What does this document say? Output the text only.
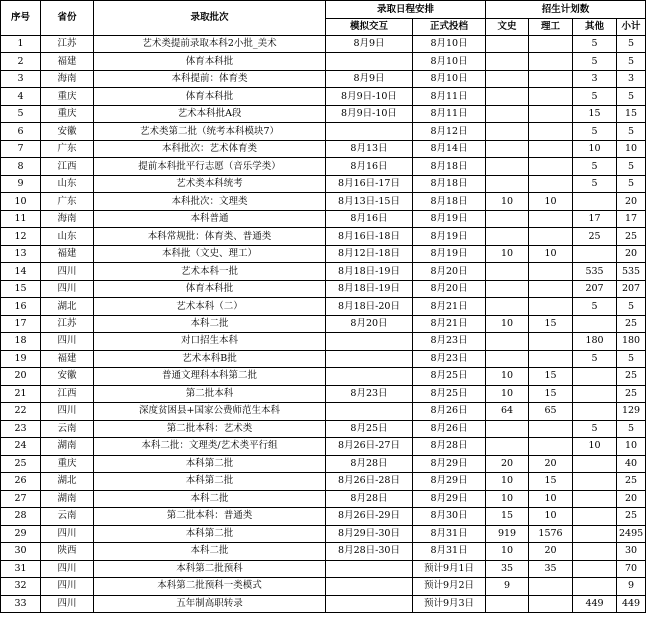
序号	省份	录取批次	录取日程安排		招生计划数			
			模拟交互	正式投档	文史	理工	其他	小计
1	江苏	艺术类提前录取本科2小批_美术	8月9日	8月10日			5	5
2	福建	体育本科批		8月10日			5	5
3	海南	本科提前：体育类	8月9日	8月10日			3	3
4	重庆	体育本科批	8月9日-10日	8月11日			5	5
5	重庆	艺术本科批A段	8月9日-10日	8月11日			15	15
6	安徽	艺术类第二批（统考本科模块7）		8月12日			5	5
7	广东	本科批次：艺术体育类	8月13日	8月14日			10	10
8	江西	提前本科批平行志愿（音乐学类）	8月16日	8月18日			5	5
9	山东	艺术类本科统考	8月16日-17日	8月18日			5	5
10	广东	本科批次：文理类	8月13日-15日	8月18日	10	10		20
11	海南	本科普通	8月16日	8月19日			17	17
12	山东	本科常规批：体育类、普通类	8月16日-18日	8月19日			25	25
13	福建	本科批（文史、理工）	8月12日-18日	8月19日	10	10		20
14	四川	艺术本科一批	8月18日-19日	8月20日			535	535
15	四川	体育本科批	8月18日-19日	8月20日			207	207
16	湖北	艺术本科（二）	8月18日-20日	8月21日			5	5
17	江苏	本科二批	8月20日	8月21日	10	15		25
18	四川	对口招生本科		8月23日			180	180
19	福建	艺术本科B批		8月23日			5	5
20	安徽	普通文理科本科第二批		8月25日	10	15		25
21	江西	第二批本科	8月23日	8月25日	10	15		25
22	四川	深度贫困县+国家公费师范生本科		8月26日	64	65		129
23	云南	第二批本科：艺术类	8月25日	8月26日			5	5
24	湖南	本科二批：文理类/艺术类平行组	8月26日-27日	8月28日			10	10
25	重庆	本科第二批	8月28日	8月29日	20	20		40
26	湖北	本科第二批	8月26日-28日	8月29日	10	15		25
27	湖南	本科二批	8月28日	8月29日	10	10		20
28	云南	第二批本科：普通类	8月26日-29日	8月30日	15	10		25
29	四川	本科第二批	8月29日-30日	8月31日	919	1576		2495
30	陕西	本科二批	8月28日-30日	8月31日	10	20		30
31	四川	本科第二批预科		预计9月1日	35	35		70
32	四川	本科第二批预科一类模式		预计9月2日	9			9
33	四川	五年制高职转录		预计9月3日			449	449
